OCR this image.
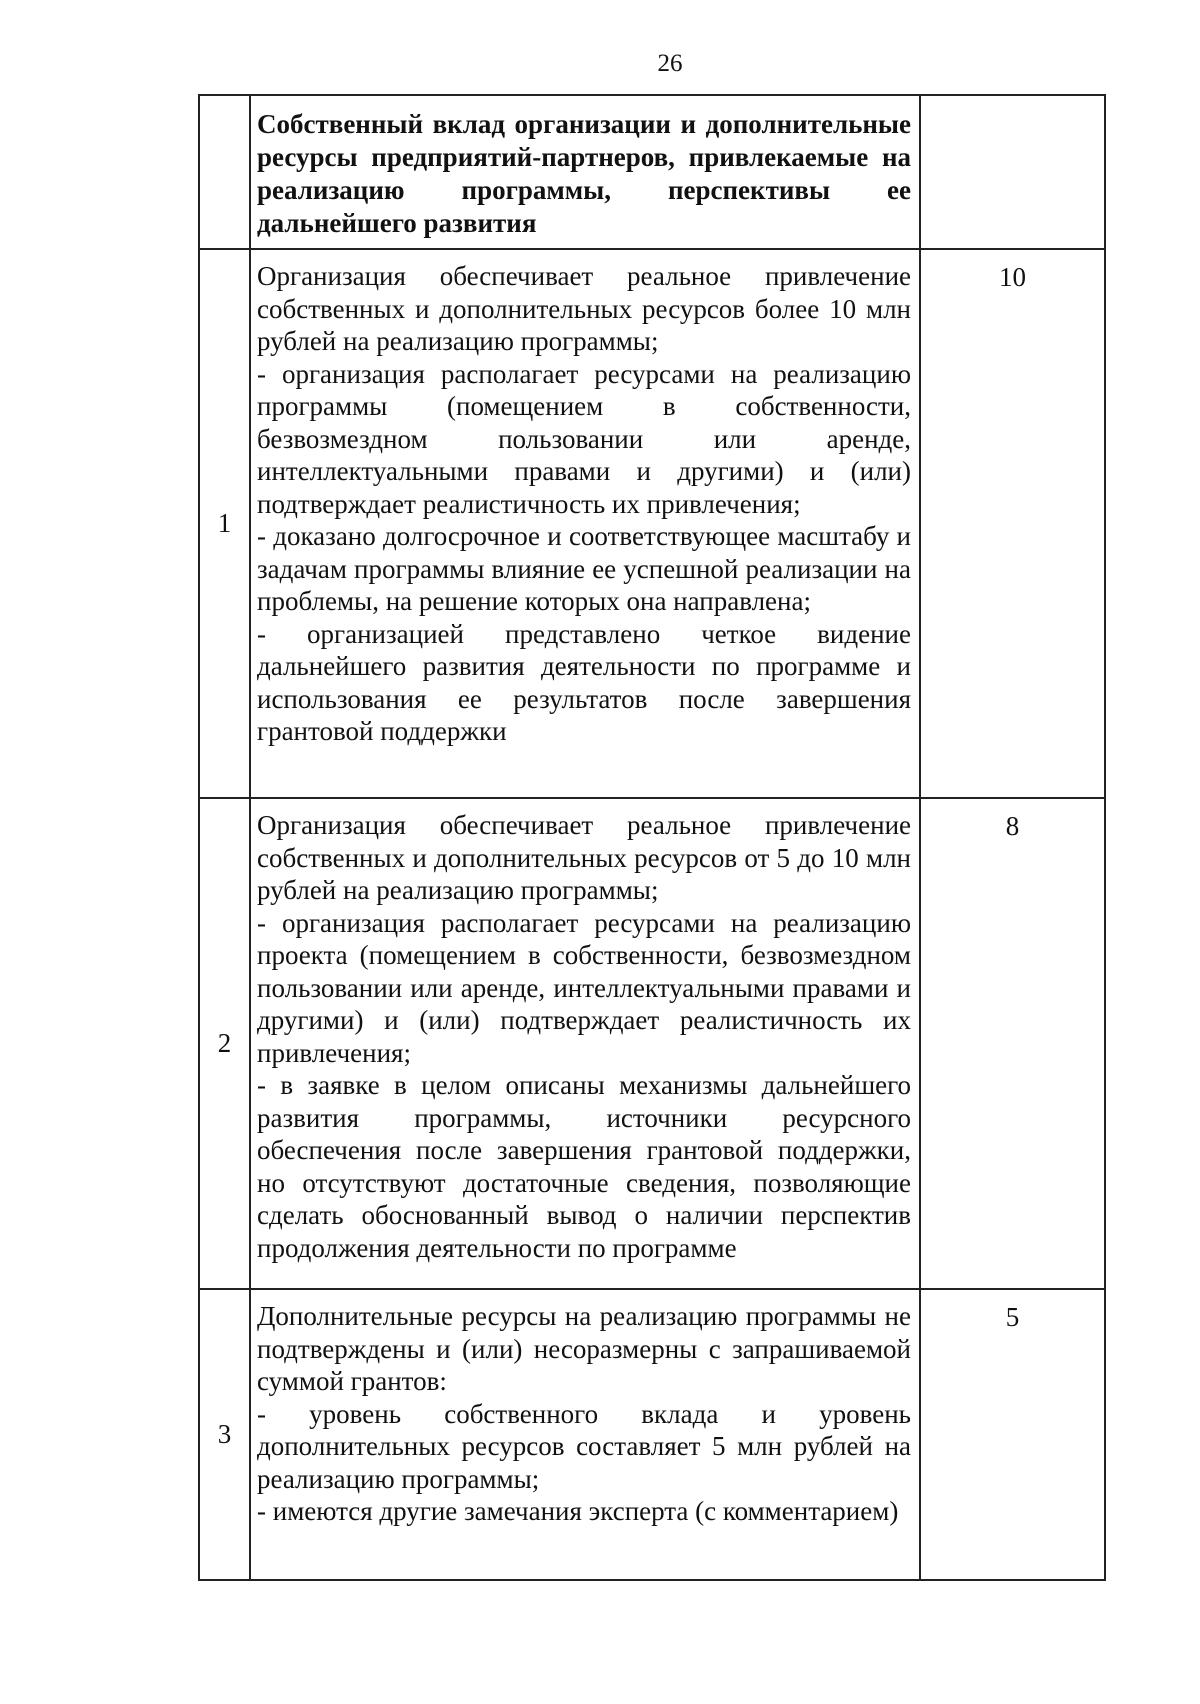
26

	Собственный вклад организации и дополнительные ресурсы предприятий-партнеров, привлекаемые на реализацию программы, перспективы ее дальнейшего развития	

1	Организация обеспечивает реальное привлечение собственных и дополнительных ресурсов более 10 млн рублей на реализацию программы;

- организация располагает ресурсами на реализацию программы (помещением в собственности, безвозмездном пользовании или аренде, интеллектуальными правами и другими) и (или) подтверждает реалистичность их привлечения;

- доказано долгосрочное и соответствующее масштабу и задачам программы влияние ее успешной реализации на проблемы, на решение которых она направлена;

- организацией представлено четкое видение дальнейшего развития деятельности по программе и использования ее результатов после завершения грантовой поддержки	10
2	Организация обеспечивает реальное привлечение собственных и дополнительных ресурсов от 5 до 10 млн рублей на реализацию программы;

- организация располагает ресурсами на реализацию проекта (помещением в собственности, безвозмездном пользовании или аренде, интеллектуальными правами и другими) и (или) подтверждает реалистичность их привлечения;

- в заявке в целом описаны механизмы дальнейшего развития программы, источники ресурсного обеспечения после завершения грантовой поддержки, но отсутствуют достаточные сведения, позволяющие сделать обоснованный вывод о наличии перспектив продолжения деятельности по программе	8
3	Дополнительные ресурсы на реализацию программы не подтверждены и (или) несоразмерны с запрашиваемой суммой грантов:

- уровень собственного вклада и уровень дополнительных ресурсов составляет 5 млн рублей на реализацию программы;

- имеются другие замечания эксперта (с комментарием)	5
